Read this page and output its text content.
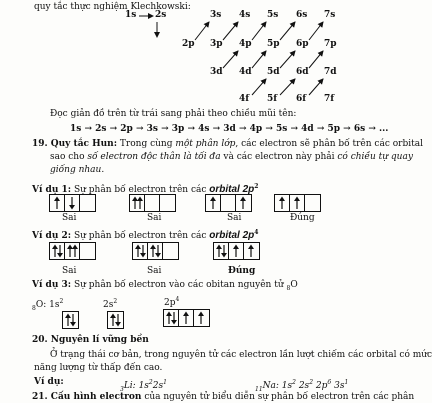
quy tắc thực nghiệm Klechkowski:
1s 2s	3s 4s 5s 6s 7s
2p 3p 4p 5p 6p 7p
3d 4d 5d 6d 7d
4f 5f 6f 7f
Đọc giản đồ trên từ trái sang phải theo chiều mũi tên:
1s → 2s → 2p → 3s → 3p → 4s → 3d → 4p → 5s → 4d → 5p → 6s → ...
19. Quy tắc Hun: Trong cùng một phân lớp, các electron sẽ phân bố trên các orbital
sao cho số electron độc thân là tối đa và các electron này phải có chiều tự quay
giống nhau.
Ví dụ 1: Sự phân bố electron trên các orbital $2p^2$
Sai	Sai	Sai	Đúng
Ví dụ 2: Sự phân bố electron trên các orbital $2p^4$
Sai	Sai	Đúng
Ví dụ 3: Sự phân bố electron vào các obitan nguyên tử $_8$O
$_8$O: $1s^2$	$2s^2$	$2p^4$
20. Nguyên lí vững bền
Ở trạng thái cơ bản, trong nguyên tử các electron lần lượt chiếm các orbital có mức
năng lượng từ thấp đến cao.
Ví dụ:
$_3$Li: $1s^22s^1$
$_{11}$Na: $1s^2$ $2s^2$ $2p^6$ $3s^1$
21. Cấu hình electron của nguyên tử biểu diễn sự phân bố electron trên các phân
